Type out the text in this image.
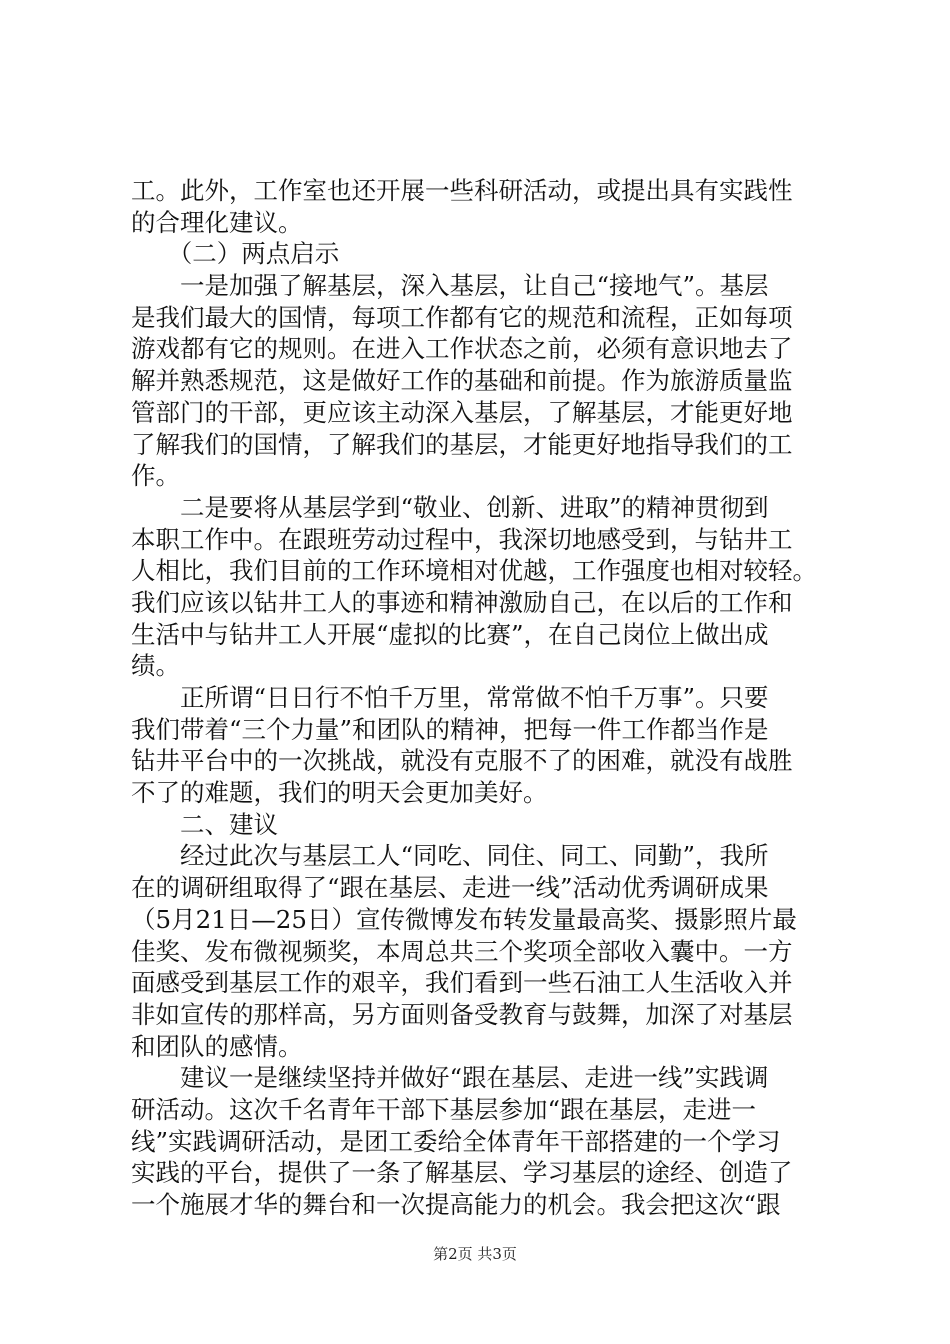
工。此外，工作室也还开展一些科研活动，或提出具有实践性
的合理化建议。
　　（二）两点启示
　　一是加强了解基层，深入基层，让自己“接地气”。基层
是我们最大的国情，每项工作都有它的规范和流程，正如每项
游戏都有它的规则。在进入工作状态之前，必须有意识地去了
解并熟悉规范，这是做好工作的基础和前提。作为旅游质量监
管部门的干部，更应该主动深入基层，了解基层，才能更好地
了解我们的国情，了解我们的基层，才能更好地指导我们的工
作。
　　二是要将从基层学到“敬业、创新、进取”的精神贯彻到
本职工作中。在跟班劳动过程中，我深切地感受到，与钻井工
人相比，我们目前的工作环境相对优越，工作强度也相对较轻。
我们应该以钻井工人的事迹和精神激励自己，在以后的工作和
生活中与钻井工人开展“虚拟的比赛”，在自己岗位上做出成
绩。
　　正所谓“日日行不怕千万里，常常做不怕千万事”。只要
我们带着“三个力量”和团队的精神，把每一件工作都当作是
钻井平台中的一次挑战，就没有克服不了的困难，就没有战胜
不了的难题，我们的明天会更加美好。
　　二、建议
　　经过此次与基层工人“同吃、同住、同工、同勤”，我所
在的调研组取得了“跟在基层、走进一线”活动优秀调研成果
（5月21日—25日）宣传微博发布转发量最高奖、摄影照片最
佳奖、发布微视频奖，本周总共三个奖项全部收入囊中。一方
面感受到基层工作的艰辛，我们看到一些石油工人生活收入并
非如宣传的那样高，另方面则备受教育与鼓舞，加深了对基层
和团队的感情。
　　建议一是继续坚持并做好“跟在基层、走进一线”实践调
研活动。这次千名青年干部下基层参加“跟在基层，走进一
线”实践调研活动，是团工委给全体青年干部搭建的一个学习
实践的平台，提供了一条了解基层、学习基层的途经、创造了
一个施展才华的舞台和一次提高能力的机会。我会把这次“跟
第2页 共3页
